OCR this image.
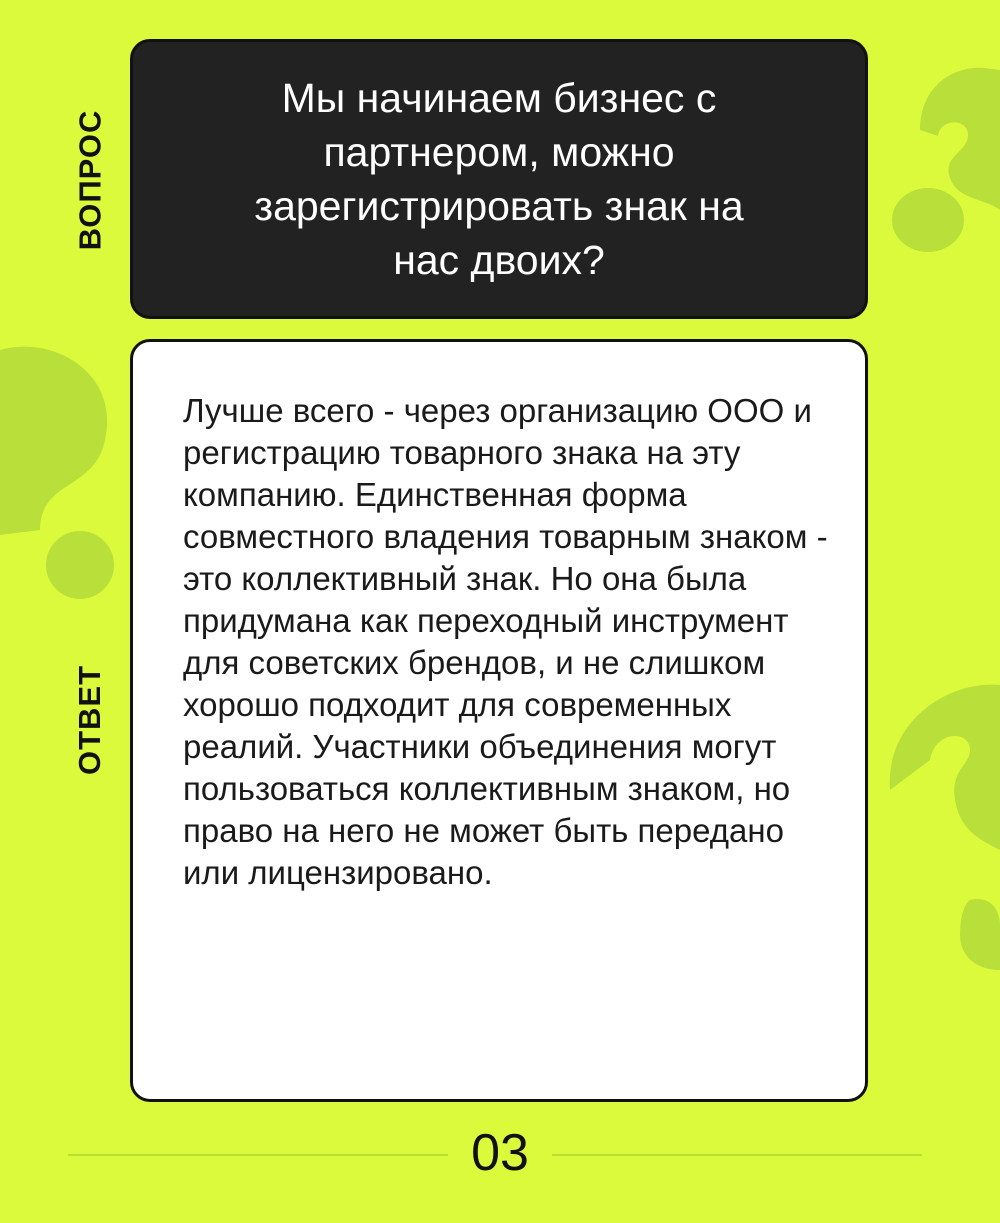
ВОПРОС
Мы начинаем бизнес с партнером, можно зарегистрировать знак на нас двоих?
ОТВЕТ
Лучше всего - через организацию ООО и регистрацию товарного знака на эту компанию. Единственная форма совместного владения товарным знаком - это коллективный знак. Но она была придумана как переходный инструмент для советских брендов, и не слишком хорошо подходит для современных реалий. Участники объединения могут пользоваться коллективным знаком, но право на него не может быть передано или лицензировано.
03
